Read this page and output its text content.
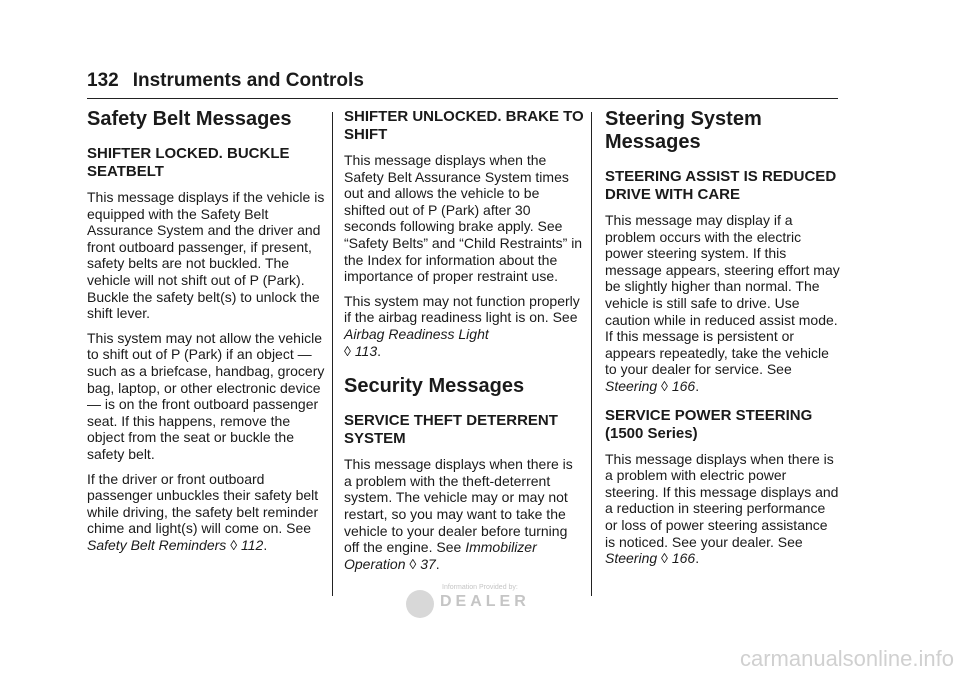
132 Instruments and Controls
Safety Belt Messages
SHIFTER LOCKED. BUCKLE SEATBELT

This message displays if the vehicle is equipped with the Safety Belt Assurance System and the driver and front outboard passenger, if present, safety belts are not buckled. The vehicle will not shift out of P (Park). Buckle the safety belt(s) to unlock the shift lever.

This system may not allow the vehicle to shift out of P (Park) if an object — such as a briefcase, handbag, grocery bag, laptop, or other electronic device — is on the front outboard passenger seat. If this happens, remove the object from the seat or buckle the safety belt.

If the driver or front outboard passenger unbuckles their safety belt while driving, the safety belt reminder chime and light(s) will come on. See Safety Belt Reminders ◊ 112.

SHIFTER UNLOCKED. BRAKE TO SHIFT

This message displays when the Safety Belt Assurance System times out and allows the vehicle to be shifted out of P (Park) after 30 seconds following brake apply. See “Safety Belts” and “Child Restraints” in the Index for information about the importance of proper restraint use.

This system may not function properly if the airbag readiness light is on. See Airbag Readiness Light
◊ 113.

Security Messages
SERVICE THEFT DETERRENT SYSTEM

This message displays when there is a problem with the theft-deterrent system. The vehicle may or may not restart, so you may want to take the vehicle to your dealer before turning off the engine. See Immobilizer Operation ◊ 37.

Steering System Messages
STEERING ASSIST IS REDUCED DRIVE WITH CARE

This message may display if a problem occurs with the electric power steering system. If this message appears, steering effort may be slightly higher than normal. The vehicle is still safe to drive. Use caution while in reduced assist mode. If this message is persistent or appears repeatedly, take the vehicle to your dealer for service. See Steering ◊ 166.

SERVICE POWER STEERING (1500 Series)

This message displays when there is a problem with electric power steering. If this message displays and a reduction in steering performance or loss of power steering assistance is noticed. See your dealer. See Steering ◊ 166.

Information Provided by:
DEALER
carmanualsonline.info
